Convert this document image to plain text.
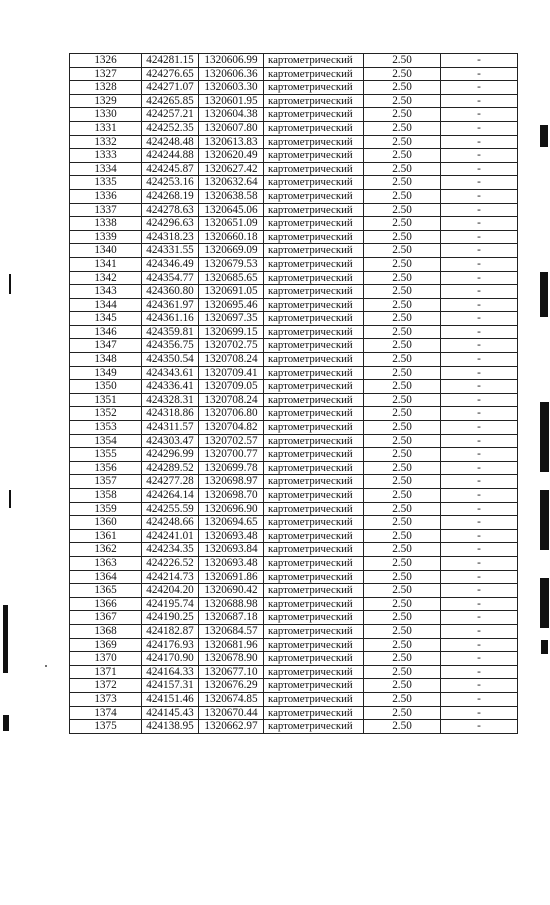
1326	424281.15	1320606.99	картометрический	2.50	-
1327	424276.65	1320606.36	картометрический	2.50	-
1328	424271.07	1320603.30	картометрический	2.50	-
1329	424265.85	1320601.95	картометрический	2.50	-
1330	424257.21	1320604.38	картометрический	2.50	-
1331	424252.35	1320607.80	картометрический	2.50	-
1332	424248.48	1320613.83	картометрический	2.50	-
1333	424244.88	1320620.49	картометрический	2.50	-
1334	424245.87	1320627.42	картометрический	2.50	-
1335	424253.16	1320632.64	картометрический	2.50	-
1336	424268.19	1320638.58	картометрический	2.50	-
1337	424278.63	1320645.06	картометрический	2.50	-
1338	424296.63	1320651.09	картометрический	2.50	-
1339	424318.23	1320660.18	картометрический	2.50	-
1340	424331.55	1320669.09	картометрический	2.50	-
1341	424346.49	1320679.53	картометрический	2.50	-
1342	424354.77	1320685.65	картометрический	2.50	-
1343	424360.80	1320691.05	картометрический	2.50	-
1344	424361.97	1320695.46	картометрический	2.50	-
1345	424361.16	1320697.35	картометрический	2.50	-
1346	424359.81	1320699.15	картометрический	2.50	-
1347	424356.75	1320702.75	картометрический	2.50	-
1348	424350.54	1320708.24	картометрический	2.50	-
1349	424343.61	1320709.41	картометрический	2.50	-
1350	424336.41	1320709.05	картометрический	2.50	-
1351	424328.31	1320708.24	картометрический	2.50	-
1352	424318.86	1320706.80	картометрический	2.50	-
1353	424311.57	1320704.82	картометрический	2.50	-
1354	424303.47	1320702.57	картометрический	2.50	-
1355	424296.99	1320700.77	картометрический	2.50	-
1356	424289.52	1320699.78	картометрический	2.50	-
1357	424277.28	1320698.97	картометрический	2.50	-
1358	424264.14	1320698.70	картометрический	2.50	-
1359	424255.59	1320696.90	картометрический	2.50	-
1360	424248.66	1320694.65	картометрический	2.50	-
1361	424241.01	1320693.48	картометрический	2.50	-
1362	424234.35	1320693.84	картометрический	2.50	-
1363	424226.52	1320693.48	картометрический	2.50	-
1364	424214.73	1320691.86	картометрический	2.50	-
1365	424204.20	1320690.42	картометрический	2.50	-
1366	424195.74	1320688.98	картометрический	2.50	-
1367	424190.25	1320687.18	картометрический	2.50	-
1368	424182.87	1320684.57	картометрический	2.50	-
1369	424176.93	1320681.96	картометрический	2.50	-
1370	424170.90	1320678.90	картометрический	2.50	-
1371	424164.33	1320677.10	картометрический	2.50	-
1372	424157.31	1320676.29	картометрический	2.50	-
1373	424151.46	1320674.85	картометрический	2.50	-
1374	424145.43	1320670.44	картометрический	2.50	-
1375	424138.95	1320662.97	картометрический	2.50	-
